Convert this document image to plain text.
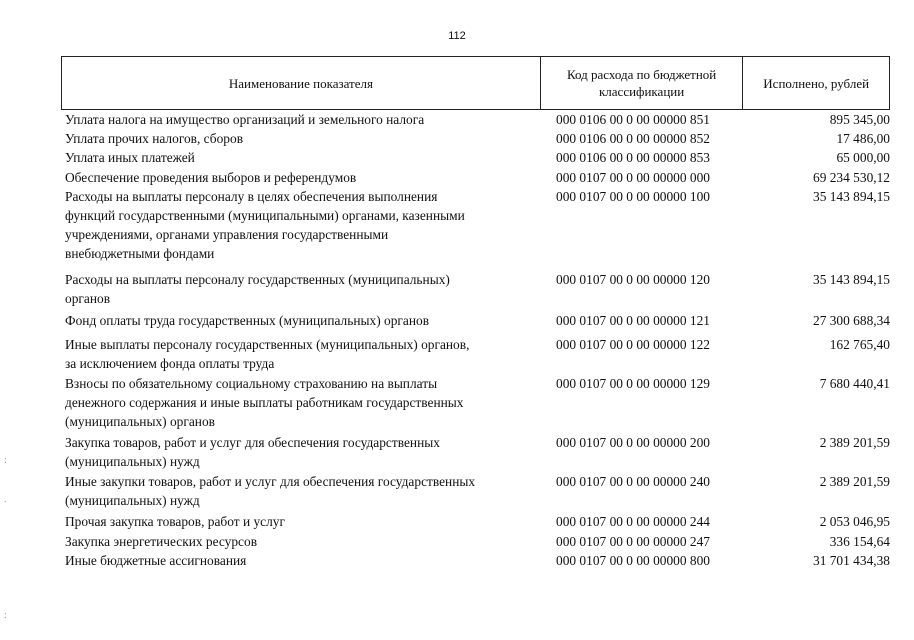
112
Наименование показателя
Код расхода по бюджетной
классификации
Исполнено, рублей
Уплата налога на имущество организаций и земельного налога	000 0106 00 0 00 00000 851	895 345,00
Уплата прочих налогов, сборов	000 0106 00 0 00 00000 852	17 486,00
Уплата иных платежей	000 0106 00 0 00 00000 853	65 000,00
Обеспечение проведения выборов и референдумов	000 0107 00 0 00 00000 000	69 234 530,12
Расходы на выплаты персоналу в целях обеспечения выполнения
функций государственными (муниципальными) органами, казенными
учреждениями, органами управления государственными
внебюджетными фондами
000 0107 00 0 00 00000 100	35 143 894,15
Расходы на выплаты персоналу государственных (муниципальных)
органов
000 0107 00 0 00 00000 120	35 143 894,15
Фонд оплаты труда государственных (муниципальных) органов	000 0107 00 0 00 00000 121	27 300 688,34
Иные выплаты персоналу государственных (муниципальных) органов,
за исключением фонда оплаты труда
000 0107 00 0 00 00000 122	162 765,40
Взносы по обязательному социальному страхованию на выплаты
денежного содержания и иные выплаты работникам государственных
(муниципальных) органов
000 0107 00 0 00 00000 129	7 680 440,41
Закупка товаров, работ и услуг для обеспечения государственных
(муниципальных) нужд
000 0107 00 0 00 00000 200	2 389 201,59
Иные закупки товаров, работ и услуг для обеспечения государственных
(муниципальных) нужд
000 0107 00 0 00 00000 240	2 389 201,59
Прочая закупка товаров, работ и услуг	000 0107 00 0 00 00000 244	2 053 046,95
Закупка энергетических ресурсов	000 0107 00 0 00 00000 247	336 154,64
Иные бюджетные ассигнования	000 0107 00 0 00 00000 800	31 701 434,38
:
.
:
